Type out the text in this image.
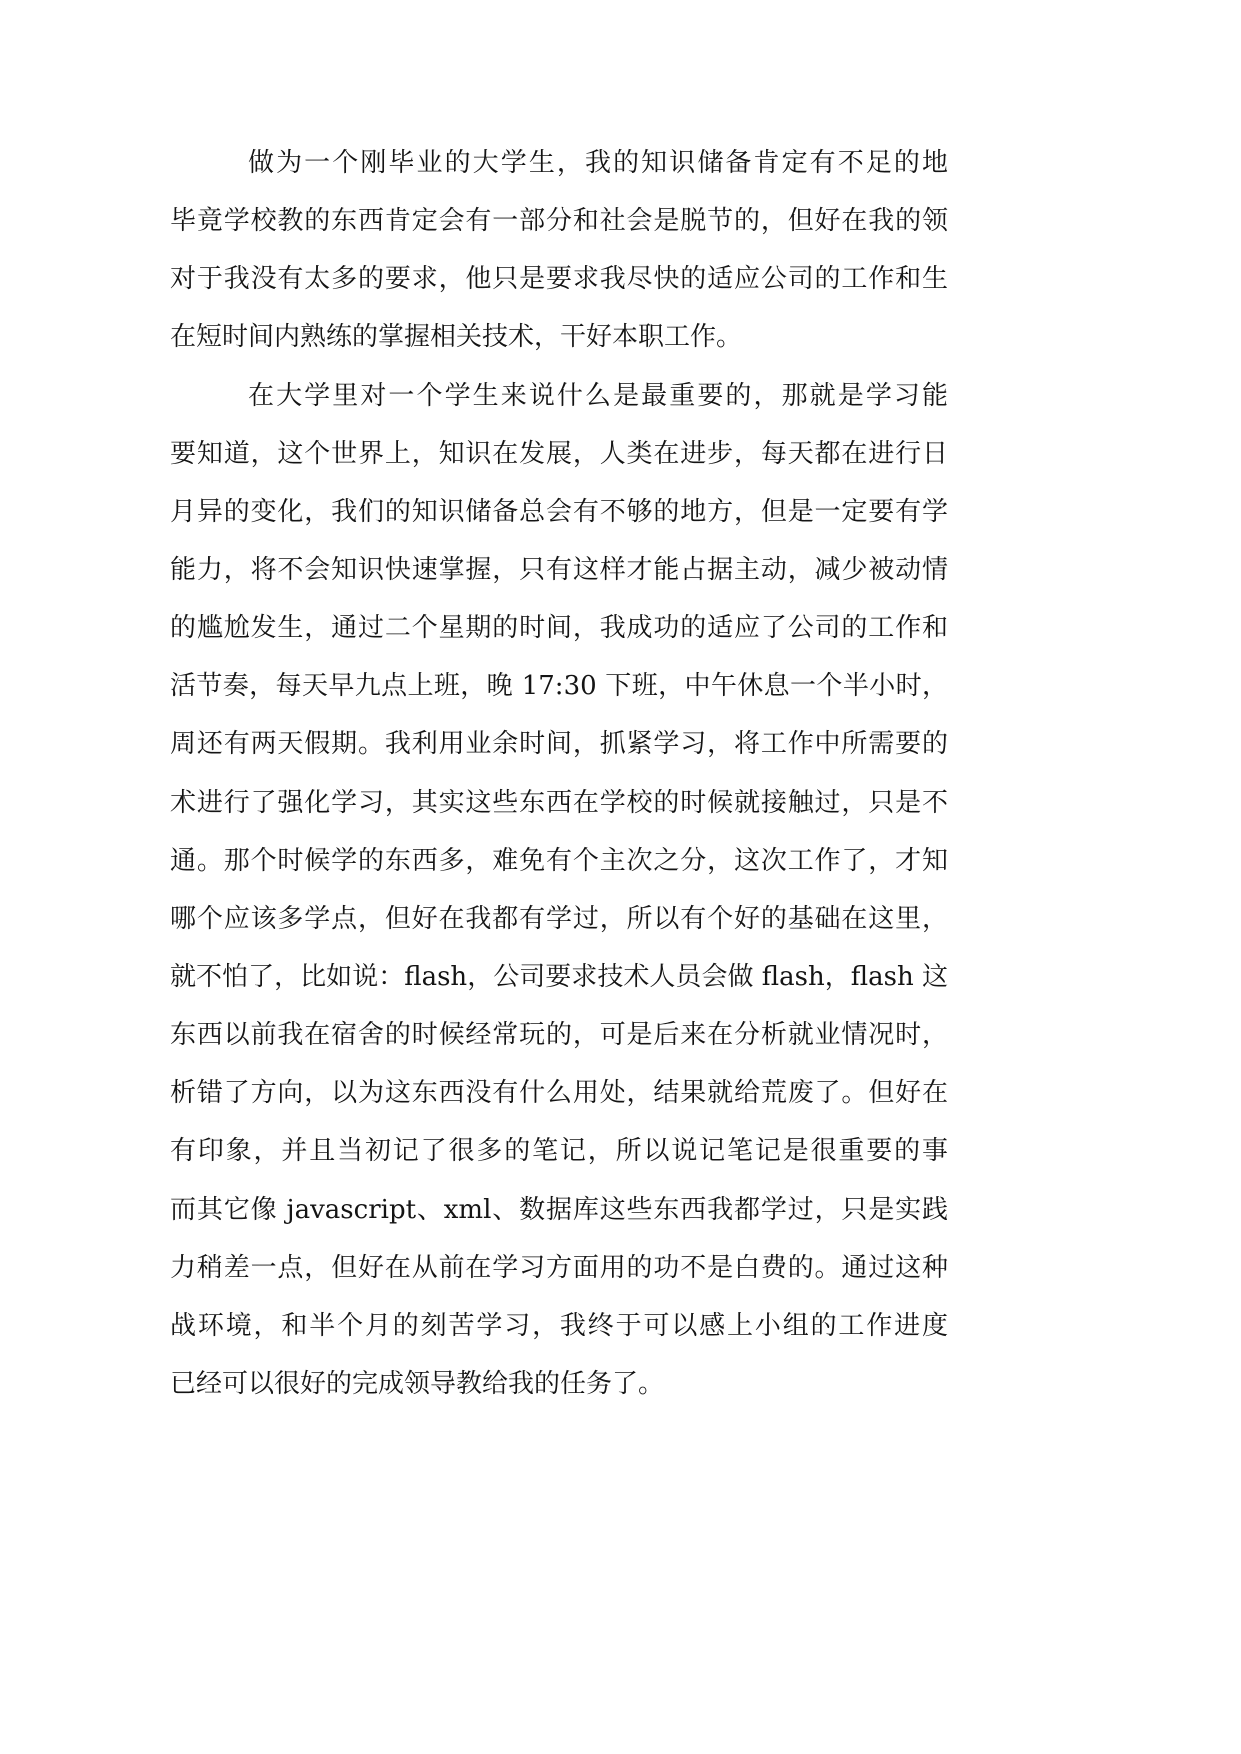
做为一个刚毕业的大学生，我的知识储备肯定有不足的地
毕竟学校教的东西肯定会有一部分和社会是脱节的，但好在我的领
对于我没有太多的要求，他只是要求我尽快的适应公司的工作和生
在短时间内熟练的掌握相关技术，干好本职工作。
在大学里对一个学生来说什么是最重要的，那就是学习能
要知道，这个世界上，知识在发展，人类在进步，每天都在进行日
月异的变化，我们的知识储备总会有不够的地方，但是一定要有学
能力，将不会知识快速掌握，只有这样才能占据主动，减少被动情
的尴尬发生，通过二个星期的时间，我成功的适应了公司的工作和
活节奏，每天早九点上班，晚 17:30 下班，中午休息一个半小时，
周还有两天假期。我利用业余时间，抓紧学习，将工作中所需要的
术进行了强化学习，其实这些东西在学校的时候就接触过，只是不
通。那个时候学的东西多，难免有个主次之分，这次工作了，才知
哪个应该多学点，但好在我都有学过，所以有个好的基础在这里，
就不怕了，比如说：flash，公司要求技术人员会做 flash，flash 这
东西以前我在宿舍的时候经常玩的，可是后来在分析就业情况时，
析错了方向，以为这东西没有什么用处，结果就给荒废了。但好在
有印象，并且当初记了很多的笔记，所以说记笔记是很重要的事
而其它像 javascript、xml、数据库这些东西我都学过，只是实践
力稍差一点，但好在从前在学习方面用的功不是白费的。通过这种
战环境，和半个月的刻苦学习，我终于可以感上小组的工作进度
已经可以很好的完成领导教给我的任务了。
